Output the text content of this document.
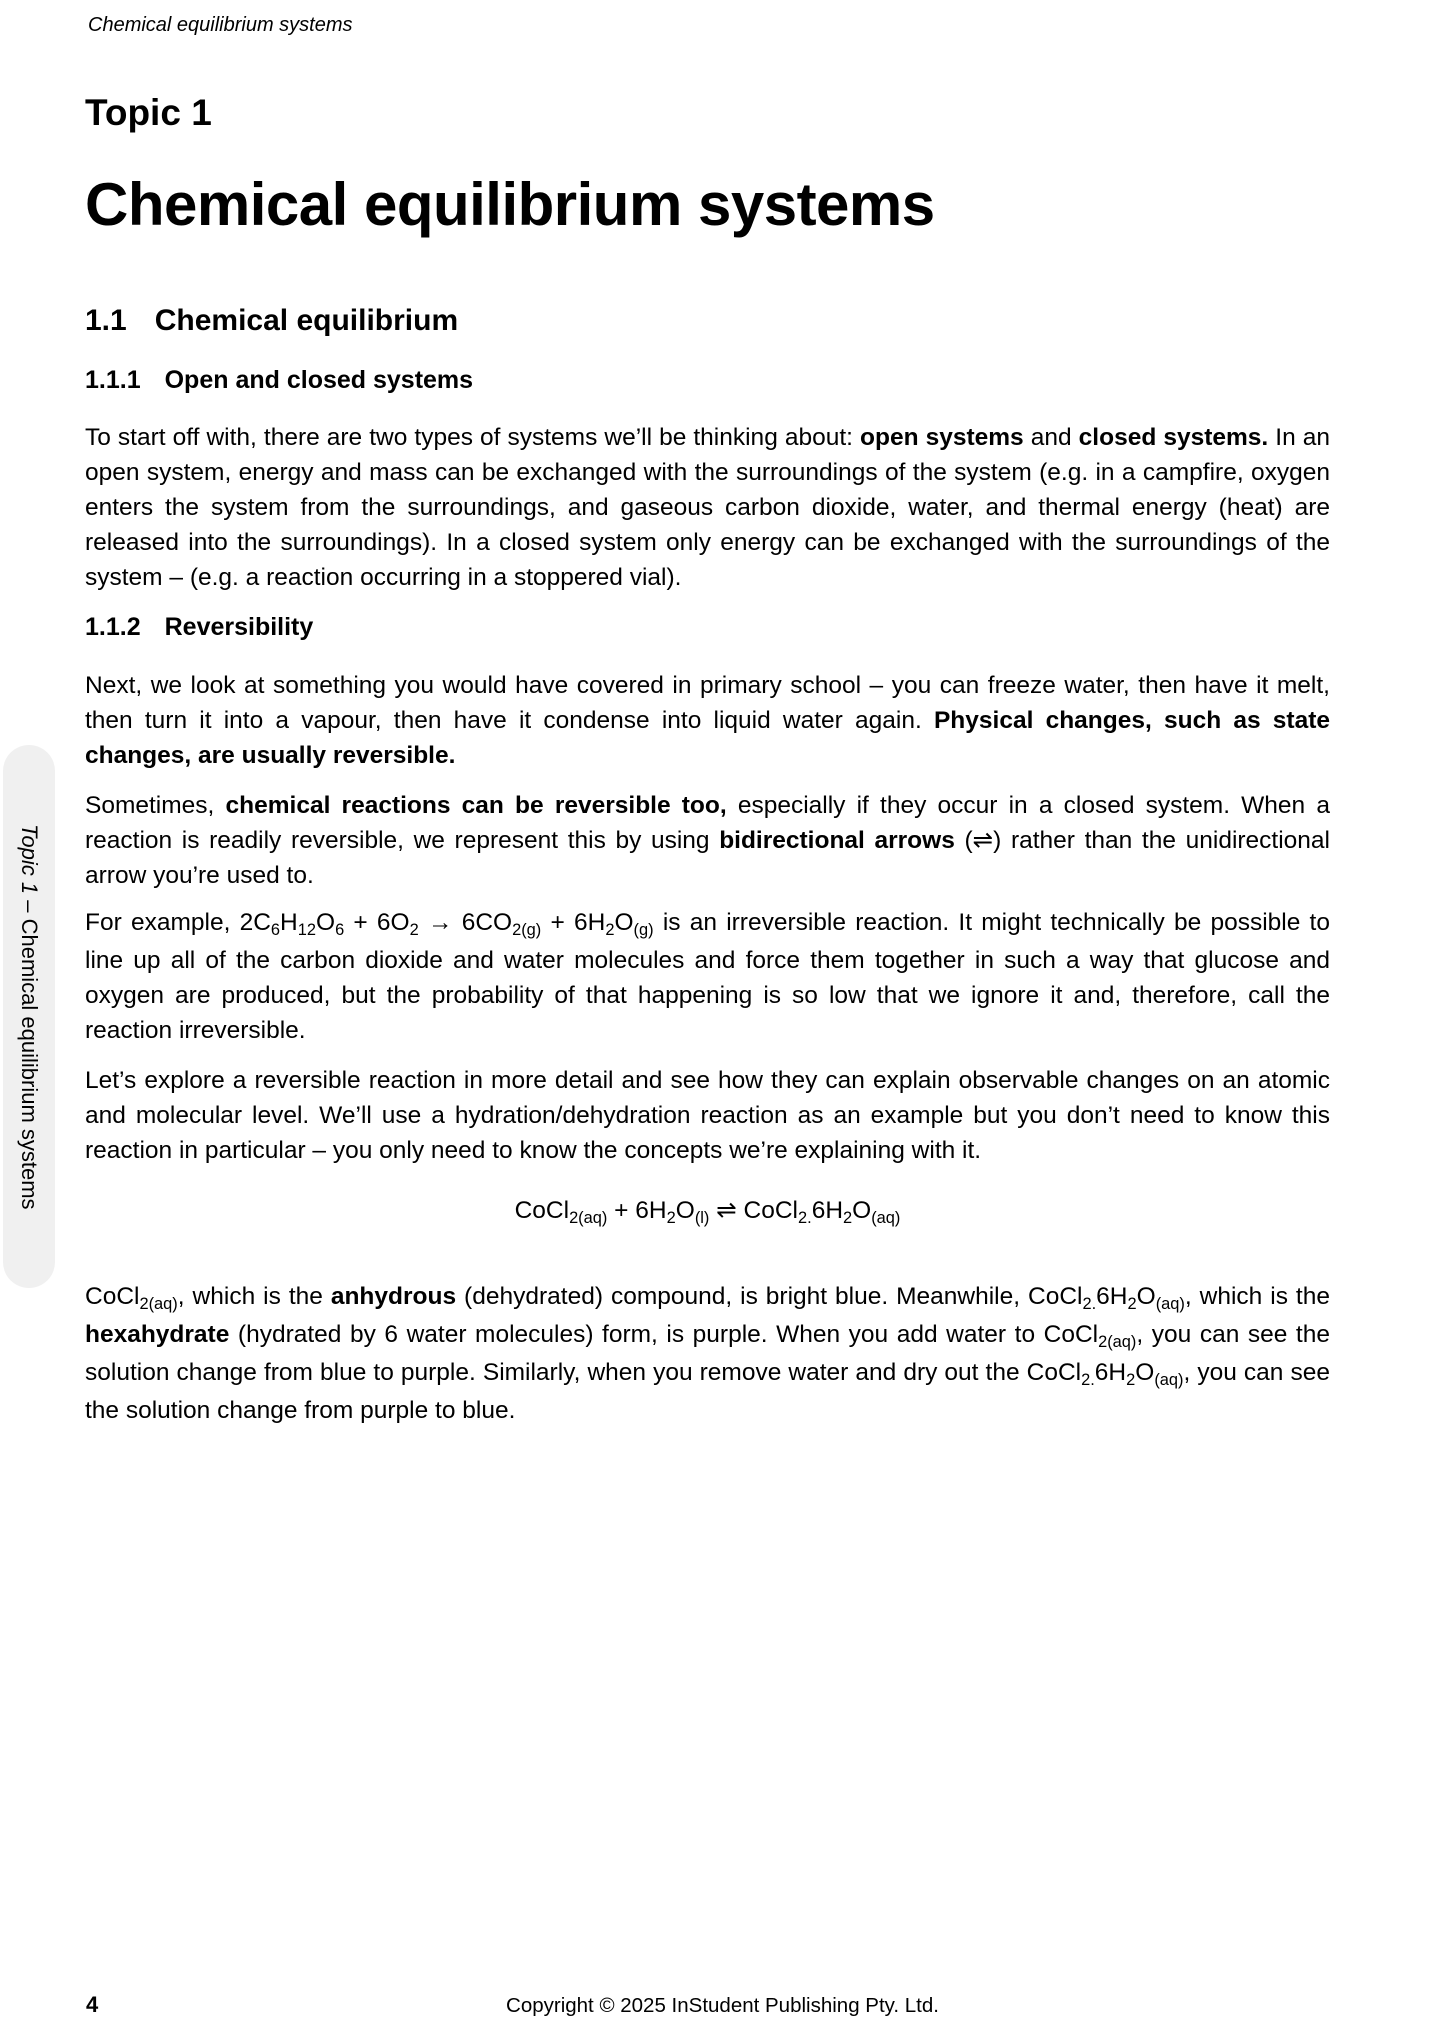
Chemical equilibrium systems
Topic 1
Chemical equilibrium systems
1.1 Chemical equilibrium
1.1.1 Open and closed systems

To start off with, there are two types of systems we’ll be thinking about: open systems and closed systems. In an open system, energy and mass can be exchanged with the surroundings of the system (e.g. in a campfire, oxygen enters the system from the surroundings, and gaseous carbon dioxide, water, and thermal energy (heat) are released into the surroundings). In a closed system only energy can be exchanged with the surroundings of the system – (e.g. a reaction occurring in a stoppered vial).

1.1.2 Reversibility

Next, we look at something you would have covered in primary school – you can freeze water, then have it melt, then turn it into a vapour, then have it condense into liquid water again. Physical changes, such as state changes, are usually reversible.

Sometimes, chemical reactions can be reversible too, especially if they occur in a closed system. When a reaction is readily reversible, we represent this by using bidirectional arrows (⇌) rather than the unidirectional arrow you’re used to.

For example, $2C_6H_{12}O_6 + 6O_2 \to 6CO_{2(g)} + 6H_2O_{(g)}$ is an irreversible reaction. It might technically be possible to line up all of the carbon dioxide and water molecules and force them together in such a way that glucose and oxygen are produced, but the probability of that happening is so low that we ignore it and, therefore, call the reaction irreversible.

Let’s explore a reversible reaction in more detail and see how they can explain observable changes on an atomic and molecular level. We’ll use a hydration/dehydration reaction as an example but you don’t need to know this reaction in particular – you only need to know the concepts we’re explaining with it.

CoCl$_{2(aq)}$ + $6H_2O_{(l)}$ ⇌ $CoCl_{2.}6H_2O_{(aq)}$

CoCl$_{2(aq)}$, which is the anhydrous (dehydrated) compound, is bright blue. Meanwhile, $CoCl_{2.}6H_2O_{(aq)}$, which is the hexahydrate (hydrated by 6 water molecules) form, is purple. When you add water to CoCl$_{2(aq)}$, you can see the solution change from blue to purple. Similarly, when you remove water and dry out the $CoCl_{2.}6H_2O_{(aq)}$, you can see the solution change from purple to blue.

Topic 1 – Chemical equilibrium systems
4	Copyright © 2025 InStudent Publishing Pty. Ltd.
